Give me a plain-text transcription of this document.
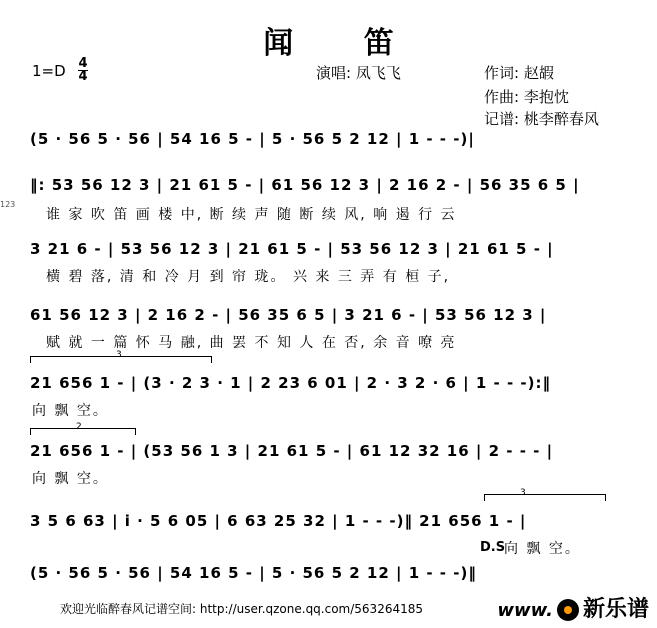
闻 笛
1=D 4
4	演唱: 凤飞飞	作词: 赵嘏
作曲: 李抱忱
记谱: 桃李醉春风
(5 · 56 5 · 56 | 54 16 5 - | 5 · 56 5 2 12 | 1 - - -)|
‖: 53 56 12 3 | 21 61 5 - | 61 56 12 3 | 2 16 2 - | 56 35 6 5 |
123
谁 家 吹 笛 画 楼 中, 断 续 声 随 断 续 风, 响 遏 行 云
3 21 6 - | 53 56 12 3 | 21 61 5 - | 53 56 12 3 | 21 61 5 - |
横 碧 落, 清 和 冷 月 到 帘 珑。 兴 来 三 弄 有 桓 子,
61 56 12 3 | 2 16 2 - | 56 35 6 5 | 3 21 6 - | 53 56 12 3 |
赋 就 一 篇 怀 马 融, 曲 罢 不 知 人 在 否, 余 音 嘹 亮
3
21 656 1 - | (3 · 2 3 · 1 | 2 23 6 01 | 2 · 3 2 · 6 | 1 - - -):‖
向 飘 空。
2
21 656 1 - | (53 56 1 3 | 21 61 5 - | 61 12 32 16 | 2 - - - |
向 飘 空。
3
3 5 6 63 | i · 5 6 05 | 6 63 25 32 | 1 - - -)‖ 21 656 1 - |
向 飘 空。
D.S
(5 · 56 5 · 56 | 54 16 5 - | 5 · 56 5 2 12 | 1 - - -)‖
欢迎光临醉春风记谱空间: http://user.qzone.qq.com/563264185	www. 新乐谱
